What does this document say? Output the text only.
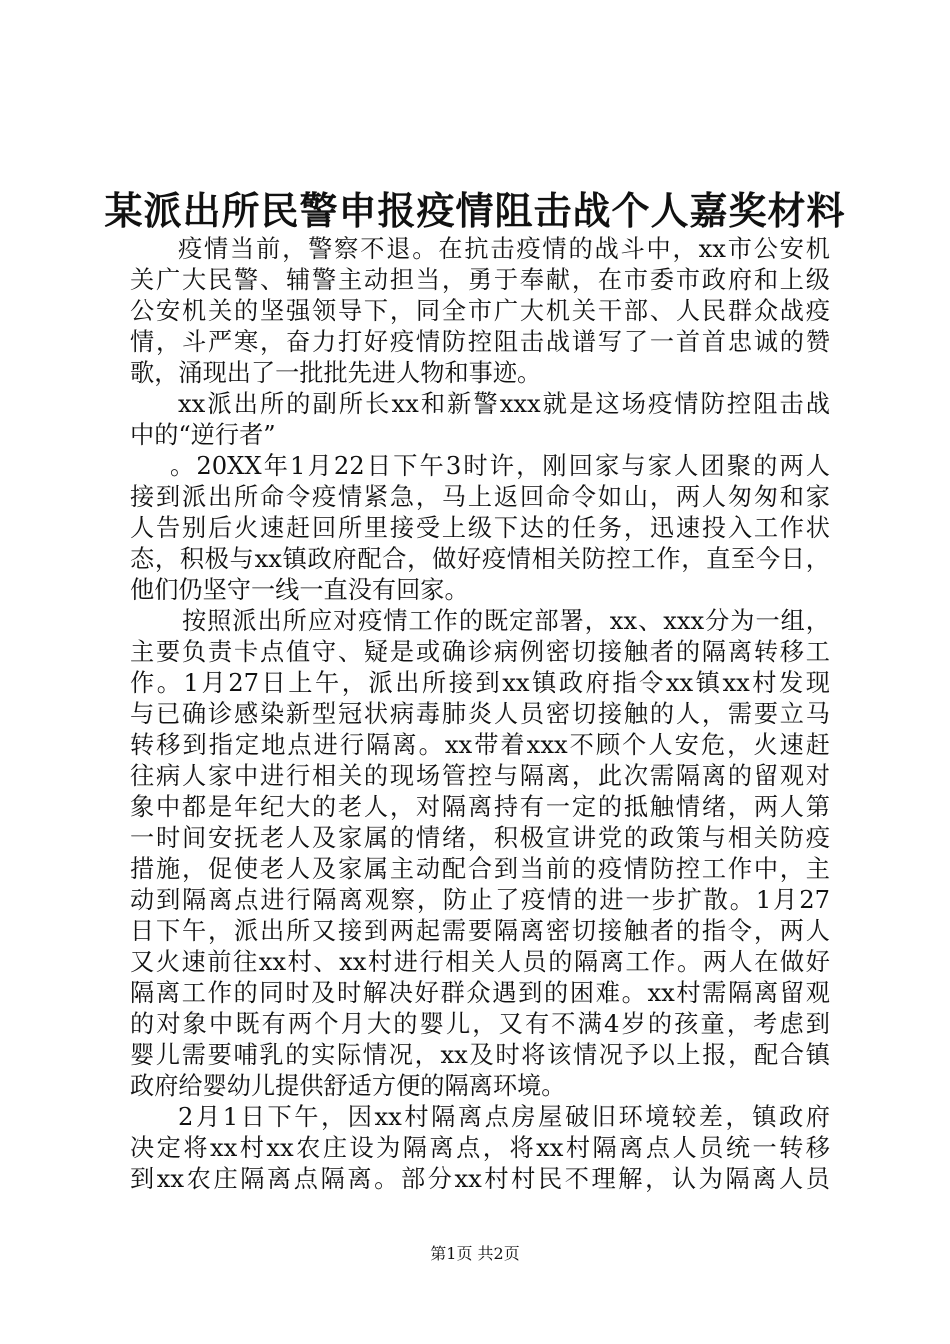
某派出所民警申报疫情阻击战个人嘉奖材料
疫情当前，警察不退。在抗击疫情的战斗中，xx市公安机
关广大民警、辅警主动担当，勇于奉献，在市委市政府和上级
公安机关的坚强领导下，同全市广大机关干部、人民群众战疫
情，斗严寒，奋力打好疫情防控阻击战谱写了一首首忠诚的赞
歌，涌现出了一批批先进人物和事迹。
xx派出所的副所长xx和新警xxx就是这场疫情防控阻击战
中的“逆行者”
。20XX年1月22日下午3时许，刚回家与家人团聚的两人
接到派出所命令疫情紧急，马上返回命令如山，两人匆匆和家
人告别后火速赶回所里接受上级下达的任务，迅速投入工作状
态，积极与xx镇政府配合，做好疫情相关防控工作，直至今日，
他们仍坚守一线一直没有回家。
按照派出所应对疫情工作的既定部署，xx、xxx分为一组，
主要负责卡点值守、疑是或确诊病例密切接触者的隔离转移工
作。1月27日上午，派出所接到xx镇政府指令xx镇xx村发现
与已确诊感染新型冠状病毒肺炎人员密切接触的人，需要立马
转移到指定地点进行隔离。xx带着xxx不顾个人安危，火速赶
往病人家中进行相关的现场管控与隔离，此次需隔离的留观对
象中都是年纪大的老人，对隔离持有一定的抵触情绪，两人第
一时间安抚老人及家属的情绪，积极宣讲党的政策与相关防疫
措施，促使老人及家属主动配合到当前的疫情防控工作中，主
动到隔离点进行隔离观察，防止了疫情的进一步扩散。1月27
日下午，派出所又接到两起需要隔离密切接触者的指令，两人
又火速前往xx村、xx村进行相关人员的隔离工作。两人在做好
隔离工作的同时及时解决好群众遇到的困难。xx村需隔离留观
的对象中既有两个月大的婴儿，又有不满4岁的孩童，考虑到
婴儿需要哺乳的实际情况，xx及时将该情况予以上报，配合镇
政府给婴幼儿提供舒适方便的隔离环境。
2月1日下午，因xx村隔离点房屋破旧环境较差，镇政府
决定将xx村xx农庄设为隔离点，将xx村隔离点人员统一转移
到xx农庄隔离点隔离。部分xx村村民不理解，认为隔离人员
第1页 共2页
